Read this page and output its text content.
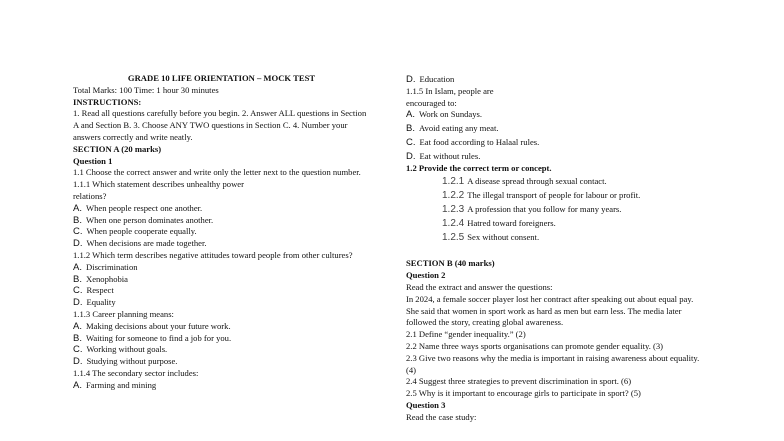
GRADE 10 LIFE ORIENTATION – MOCK TEST
Total Marks: 100 Time: 1 hour 30 minutes
INSTRUCTIONS:
1. Read all questions carefully before you begin. 2. Answer ALL questions in Section A and Section B. 3. Choose ANY TWO questions in Section C. 4. Number your answers correctly and write neatly.
SECTION A (20 marks)
Question 1
1.1 Choose the correct answer and write only the letter next to the question number.
1.1.1 Which statement describes unhealthy power relations?
A. When people respect one another.
B. When one person dominates another.
C. When people cooperate equally.
D. When decisions are made together.
1.1.2 Which term describes negative attitudes toward people from other cultures?
A. Discrimination
B. Xenophobia
C. Respect
D. Equality
1.1.3 Career planning means:
A. Making decisions about your future work.
B. Waiting for someone to find a job for you.
C. Working without goals.
D. Studying without purpose.
1.1.4 The secondary sector includes:
A. Farming and mining
D. Education
1.1.5 In Islam, people are
encouraged to:
A. Work on Sundays.
B. Avoid eating any meat.
C. Eat food according to Halaal rules.
D. Eat without rules.
1.2 Provide the correct term or concept.
1.2.1 A disease spread through sexual contact.
1.2.2 The illegal transport of people for labour or profit.
1.2.3 A profession that you follow for many years.
1.2.4 Hatred toward foreigners.
1.2.5 Sex without consent.
SECTION B (40 marks)
Question 2
Read the extract and answer the questions:
In 2024, a female soccer player lost her contract after speaking out about equal pay.
She said that women in sport work as hard as men but earn less. The media later followed the story, creating global awareness.
2.1 Define “gender inequality.” (2)
2.2 Name three ways sports organisations can promote gender equality. (3)
2.3 Give two reasons why the media is important in raising awareness about equality. (4)
2.4 Suggest three strategies to prevent discrimination in sport. (6)
2.5 Why is it important to encourage girls to participate in sport? (5)
Question 3
Read the case study:
